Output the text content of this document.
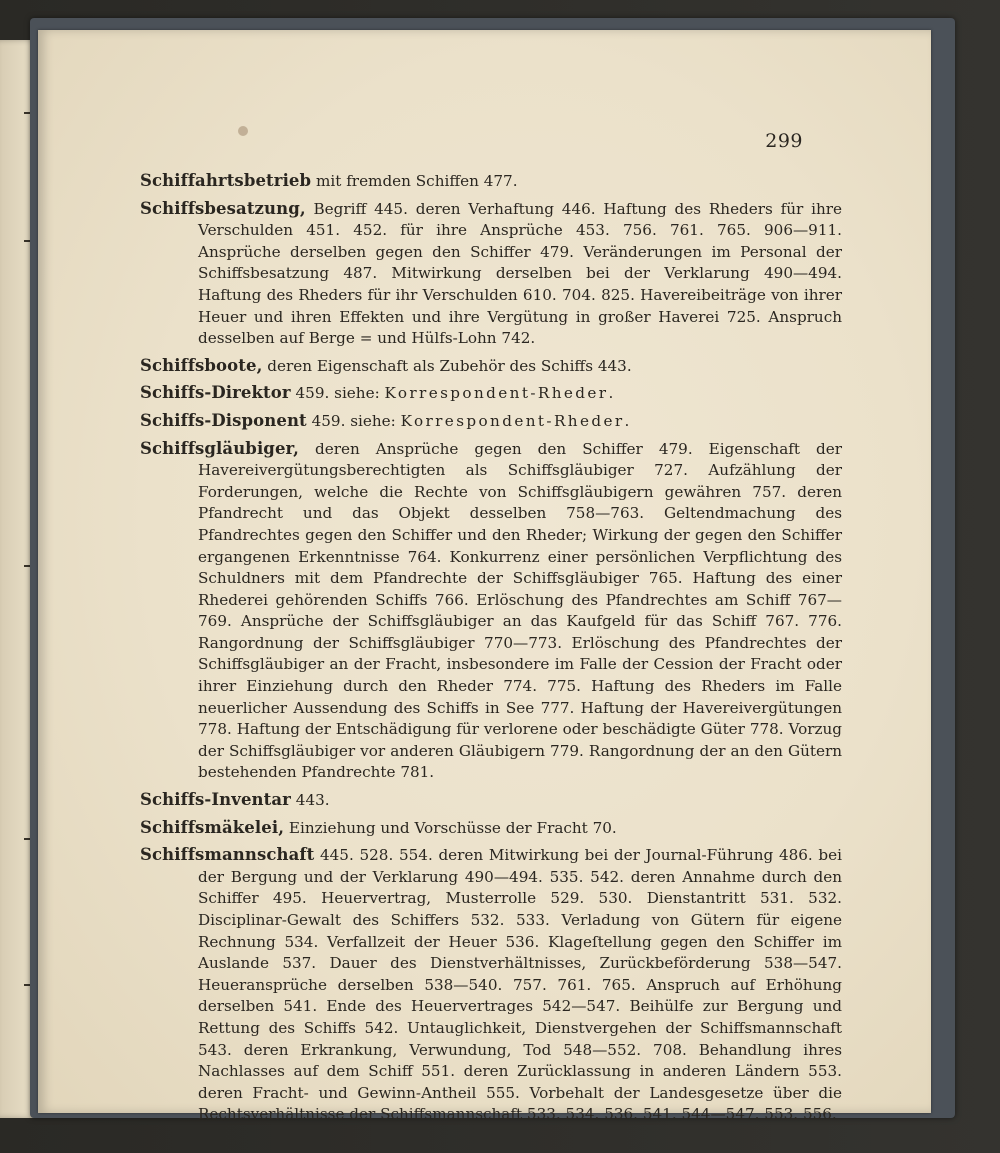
299
Schiffahrtsbetrieb mit fremden Schiffen 477.
Schiffsbesatzung, Begriff 445. deren Verhaftung 446. Haftung des Rheders für ihre Verschulden 451. 452. für ihre Ansprüche 453. 756. 761. 765. 906—911. Ansprüche derselben gegen den Schiffer 479. Veränderungen im Personal der Schiffsbesatzung 487. Mitwirkung derselben bei der Verklarung 490—494. Haftung des Rheders für ihr Verschulden 610. 704. 825. Havereibeiträge von ihrer Heuer und ihren Effekten und ihre Vergütung in großer Haverei 725. Anspruch desselben auf Berge = und Hülfs-Lohn 742.
Schiffsboote, deren Eigenschaft als Zubehör des Schiffs 443.
Schiffs-Direktor 459. siehe: Korrespondent-Rheder.
Schiffs-Disponent 459. siehe: Korrespondent-Rheder.
Schiffsgläubiger, deren Ansprüche gegen den Schiffer 479. Eigenschaft der Havereivergütungsberechtigten als Schiffsgläubiger 727. Aufzählung der Forderungen, welche die Rechte von Schiffsgläubigern gewähren 757. deren Pfandrecht und das Objekt desselben 758—763. Geltendmachung des Pfandrechtes gegen den Schiffer und den Rheder; Wirkung der gegen den Schiffer ergangenen Erkenntnisse 764. Konkurrenz einer persönlichen Verpflichtung des Schuldners mit dem Pfandrechte der Schiffsgläubiger 765. Haftung des einer Rhederei gehörenden Schiffs 766. Erlöschung des Pfandrechtes am Schiff 767—769. Ansprüche der Schiffsgläubiger an das Kaufgeld für das Schiff 767. 776. Rangordnung der Schiffsgläubiger 770—773. Erlöschung des Pfandrechtes der Schiffsgläubiger an der Fracht, insbesondere im Falle der Cession der Fracht oder ihrer Einziehung durch den Rheder 774. 775. Haftung des Rheders im Falle neuerlicher Aussendung des Schiffs in See 777. Haftung der Havereivergütungen 778. Haftung der Entschädigung für verlorene oder beschädigte Güter 778. Vorzug der Schiffsgläubiger vor anderen Gläubigern 779. Rangordnung der an den Gütern bestehenden Pfandrechte 781.
Schiffs-Inventar 443.
Schiffsmäkelei, Einziehung und Vorschüsse der Fracht 70.
Schiffsmannschaft 445. 528. 554. deren Mitwirkung bei der Journal-Führung 486. bei der Bergung und der Verklarung 490—494. 535. 542. deren Annahme durch den Schiffer 495. Heuervertrag, Musterrolle 529. 530. Dienstantritt 531. 532. Disciplinar-Gewalt des Schiffers 532. 533. Verladung von Gütern für eigene Rechnung 534. Verfallzeit der Heuer 536. Klageſtellung gegen den Schiffer im Auslande 537. Dauer des Dienstverhältnisses, Zurückbeförderung 538—547. Heueransprüche derselben 538—540. 757. 761. 765. Anspruch auf Erhöhung derselben 541. Ende des Heuervertrages 542—547. Beihülfe zur Bergung und Rettung des Schiffs 542. Untauglichkeit, Dienstvergehen der Schiffsmannschaft 543. deren Erkrankung, Verwundung, Tod 548—552. 708. Behandlung ihres Nachlasses auf dem Schiff 551. deren Zurücklassung in anderen Ländern 553. deren Fracht- und Gewinn-Antheil 555. Vorbehalt der Landesgesetze über die Rechtsverhältnisse der Schiffsmannschaft 533. 534. 536. 541. 544—547. 553. 556.
